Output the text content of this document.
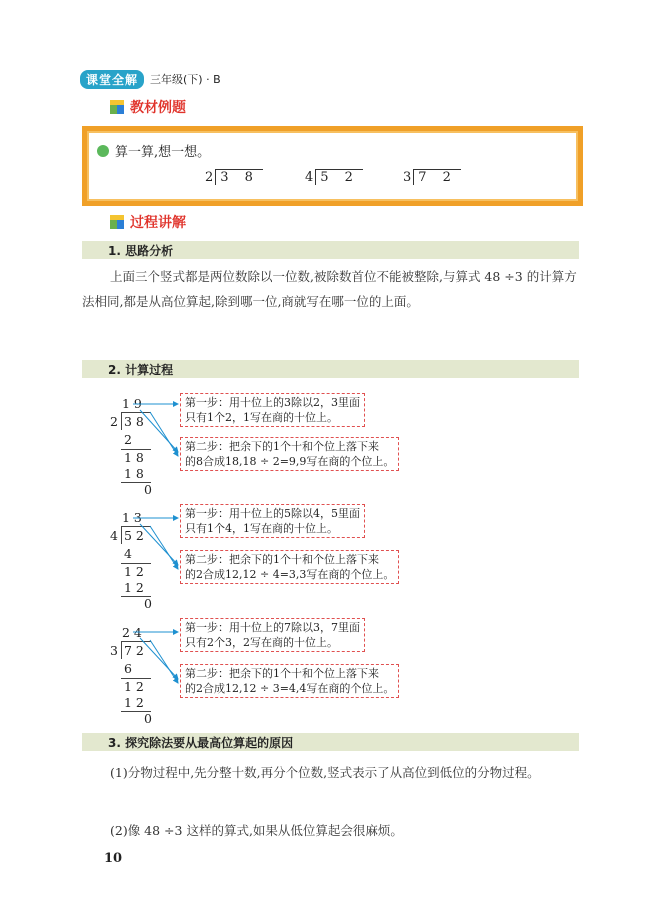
课堂全解	三年级(下) · B
教材例题
算一算,想一想。
2 3 8	4 5 2	3 7 2
过程讲解
1. 思路分析

上面三个竖式都是两位数除以一位数,被除数首位不能被整除,与算式 48 ÷3 的计算方法相同,都是从高位算起,除到哪一位,商就写在哪一位的上面。

2. 计算过程
1 9
2 3 8
2
1 8
1 8
0
第一步：用十位上的3除以2，3里面
只有1个2，1写在商的十位上。
第二步：把余下的1个十和个位上落下来
的8合成18,18 ÷ 2=9,9写在商的个位上。
1 3
4 5 2
4
1 2
1 2
0
第一步：用十位上的5除以4，5里面
只有1个4，1写在商的十位上。
第二步：把余下的1个十和个位上落下来
的2合成12,12 ÷ 4=3,3写在商的个位上。
2 4
3 7 2
6
1 2
1 2
0
第一步：用十位上的7除以3，7里面
只有2个3，2写在商的十位上。
第二步：把余下的1个十和个位上落下来
的2合成12,12 ÷ 3=4,4写在商的个位上。
3. 探究除法要从最高位算起的原因

(1)分物过程中,先分整十数,再分个位数,竖式表示了从高位到低位的分物过程。

(2)像 48 ÷3 这样的算式,如果从低位算起会很麻烦。

10
